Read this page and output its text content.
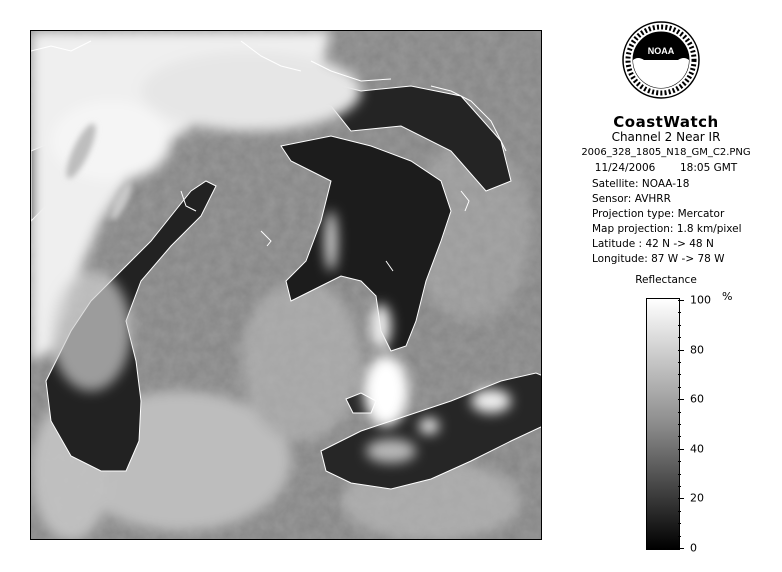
NOAA
CoastWatch
Channel 2 Near IR
2006_328_1805_N18_GM_C2.PNG
11/24/2006 18:05 GMT
Satellite: NOAA-18
Sensor: AVHRR
Projection type: Mercator
Map projection: 1.8 km/pixel
Latitude : 42 N -> 48 N
Longitude: 87 W -> 78 W
Reflectance
%
100
80
60
40
20
0
